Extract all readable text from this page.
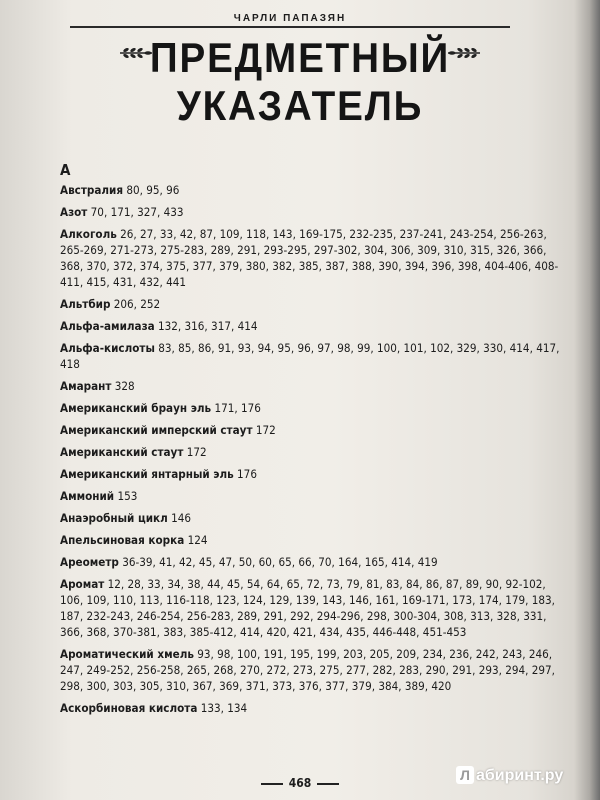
ЧАРЛИ ПАПАЗЯН
ПРЕДМЕТНЫЙ
УКАЗАТЕЛЬ
А
Австралия 80, 95, 96
Азот 70, 171, 327, 433
Алкоголь 26, 27, 33, 42, 87, 109, 118, 143, 169-175, 232-235, 237-241, 243-254, 256-263, 265-269, 271-273, 275-283, 289, 291, 293-295, 297-302, 304, 306, 309, 310, 315, 326, 366, 368, 370, 372, 374, 375, 377, 379, 380, 382, 385, 387, 388, 390, 394, 396, 398, 404-406, 408-411, 415, 431, 432, 441
Альтбир 206, 252
Альфа-амилаза 132, 316, 317, 414
Альфа-кислоты 83, 85, 86, 91, 93, 94, 95, 96, 97, 98, 99, 100, 101, 102, 329, 330, 414, 417, 418
Амарант 328
Американский браун эль 171, 176
Американский имперский стаут 172
Американский стаут 172
Американский янтарный эль 176
Аммоний 153
Анаэробный цикл 146
Апельсиновая корка 124
Ареометр 36-39, 41, 42, 45, 47, 50, 60, 65, 66, 70, 164, 165, 414, 419
Аромат 12, 28, 33, 34, 38, 44, 45, 54, 64, 65, 72, 73, 79, 81, 83, 84, 86, 87, 89, 90, 92-102, 106, 109, 110, 113, 116-118, 123, 124, 129, 139, 143, 146, 161, 169-171, 173, 174, 179, 183, 187, 232-243, 246-254, 256-283, 289, 291, 292, 294-296, 298, 300-304, 308, 313, 328, 331, 366, 368, 370-381, 383, 385-412, 414, 420, 421, 434, 435, 446-448, 451-453
Ароматический хмель 93, 98, 100, 191, 195, 199, 203, 205, 209, 234, 236, 242, 243, 246, 247, 249-252, 256-258, 265, 268, 270, 272, 273, 275, 277, 282, 283, 290, 291, 293, 294, 297, 298, 300, 303, 305, 310, 367, 369, 371, 373, 376, 377, 379, 384, 389, 420
Аскорбиновая кислота 133, 134
468	Л абиринт.ру
